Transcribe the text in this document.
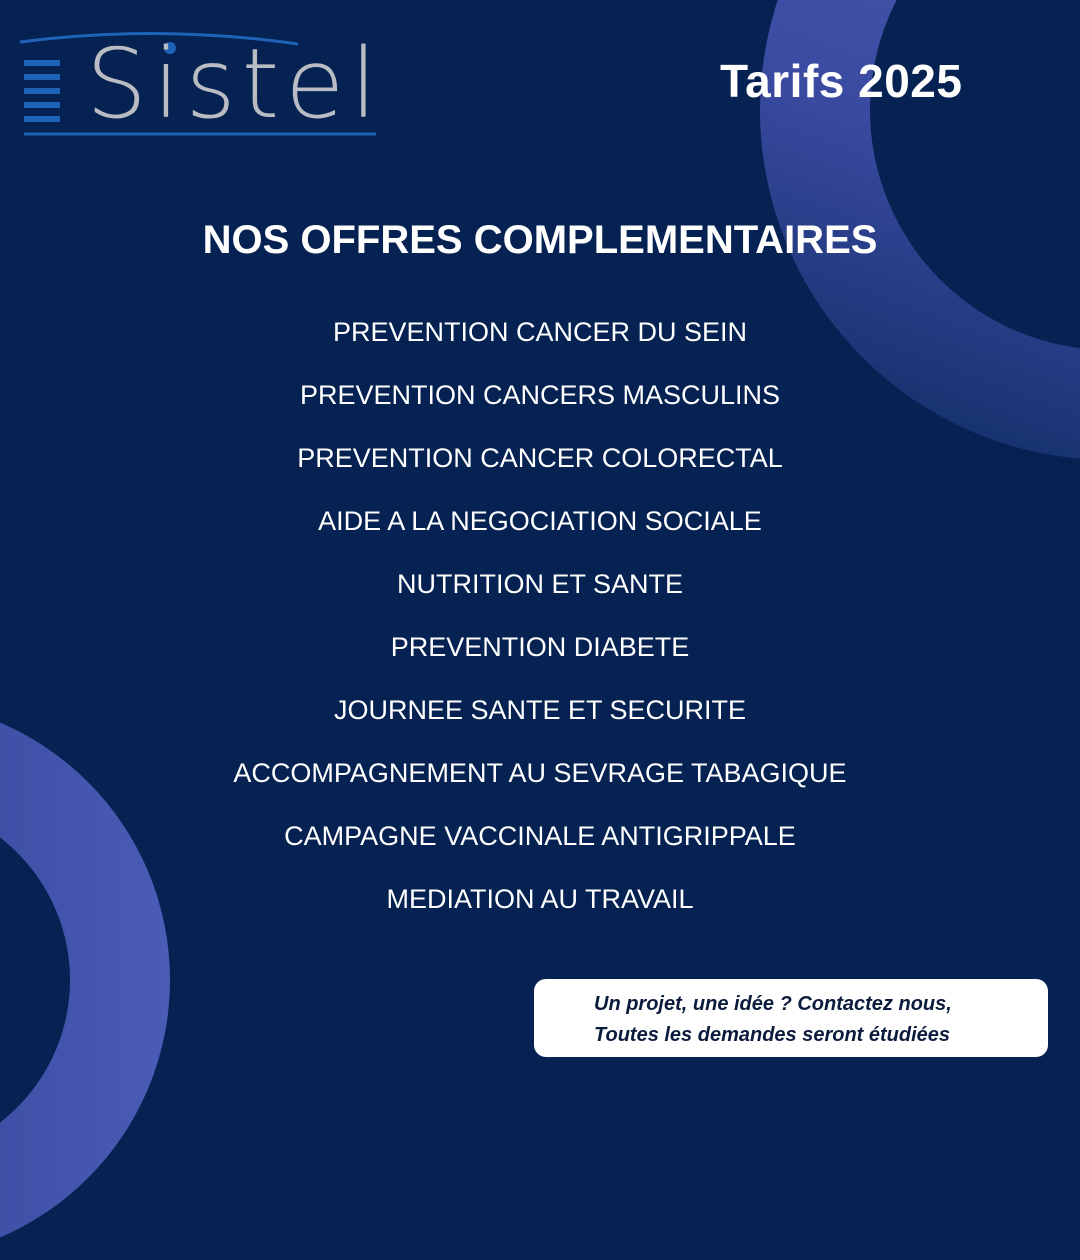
Sistel	Tarifs 2025
NOS OFFRES COMPLEMENTAIRES
PREVENTION CANCER DU SEIN
PREVENTION CANCERS MASCULINS
PREVENTION CANCER COLORECTAL
AIDE A LA NEGOCIATION SOCIALE
NUTRITION ET SANTE
PREVENTION DIABETE
JOURNEE SANTE ET SECURITE
ACCOMPAGNEMENT AU SEVRAGE TABAGIQUE
CAMPAGNE VACCINALE ANTIGRIPPALE
MEDIATION AU TRAVAIL
Un projet, une idée ? Contactez nous,
Toutes les demandes seront étudiées
